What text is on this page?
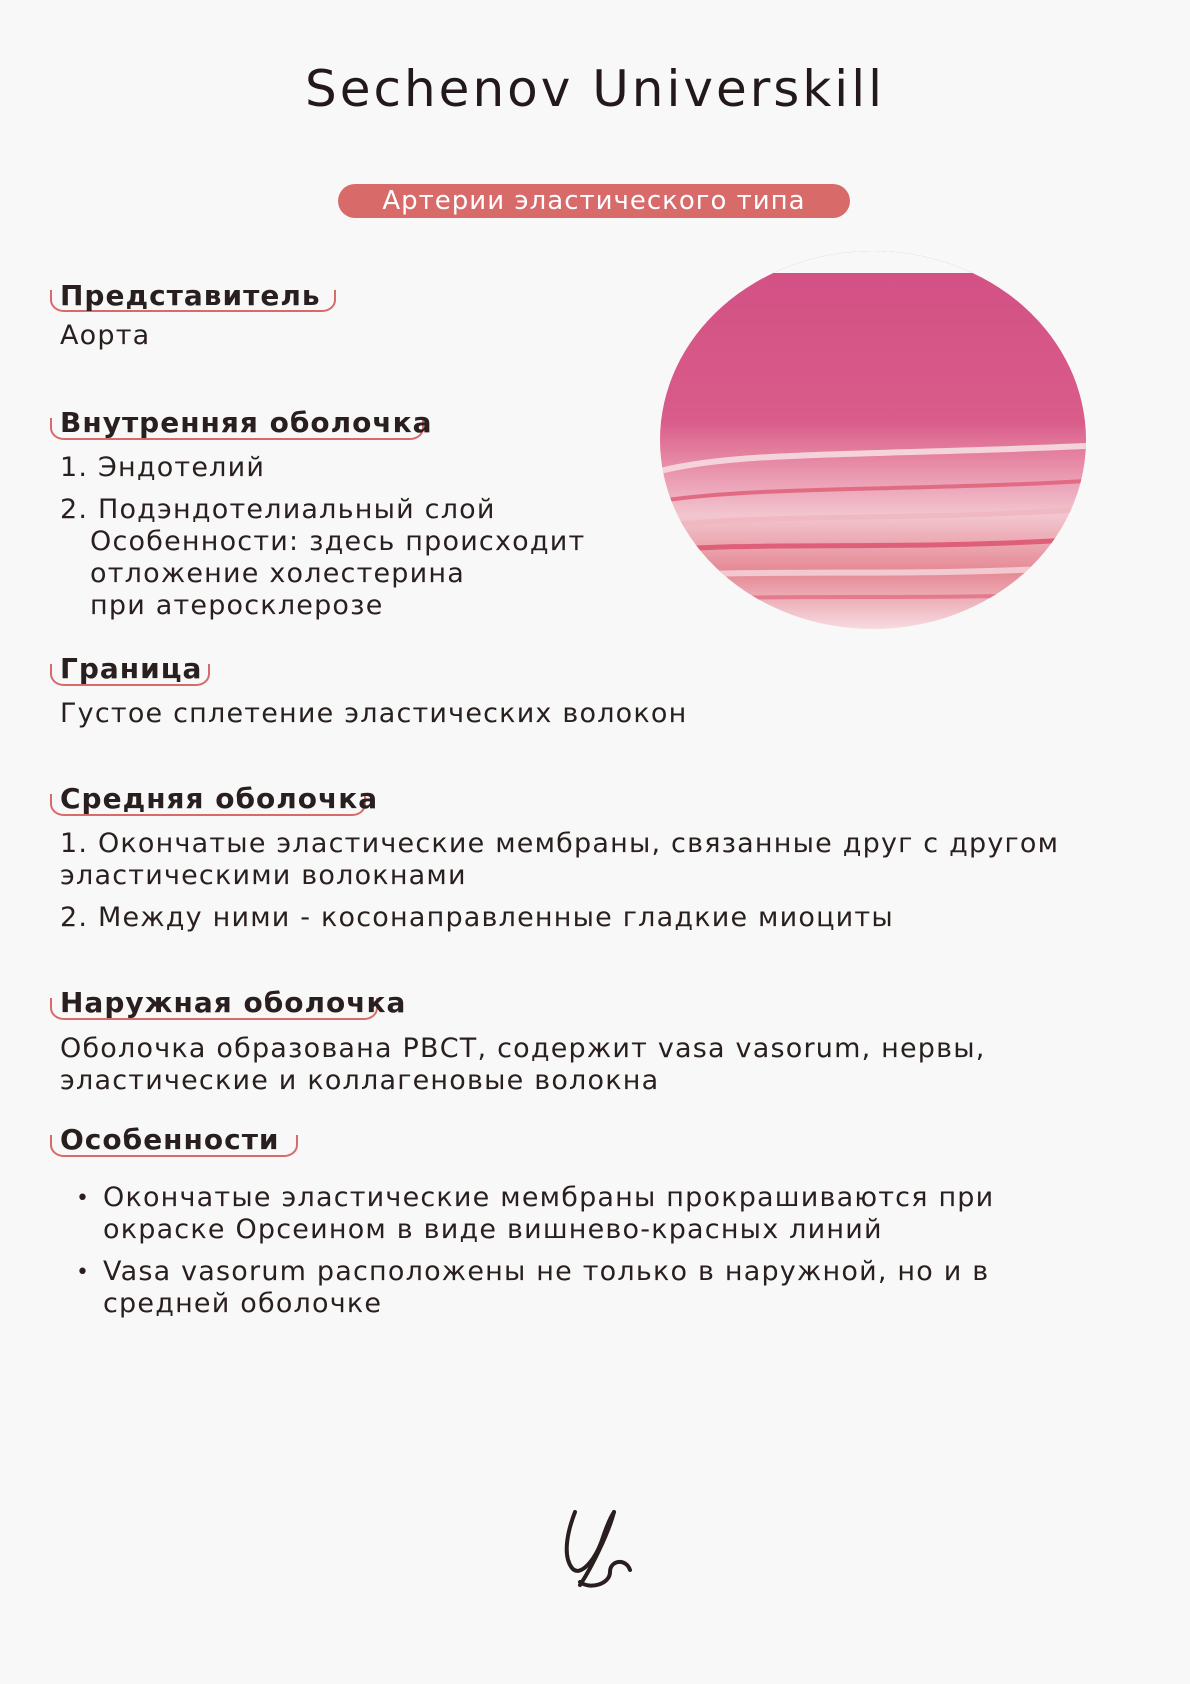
Sechenov Universkill
Артерии эластического типа
Представитель
Аорта
Внутренняя оболочка
1. Эндотелий
2. Подэндотелиальный слой
Особенности: здесь происходит
отложение холестерина
при атеросклерозе
Граница
Густое сплетение эластических волокон
Средняя оболочка
1. Окончатые эластические мембраны, связанные друг с другом
эластическими волокнами
2. Между ними - косонаправленные гладкие миоциты
Наружная оболочка
Оболочка образована РВСТ, содержит vasa vasorum, нервы,
эластические и коллагеновые волокна
Особенности
• Окончатые эластические мембраны прокрашиваются при
окраске Орсеином в виде вишнево-красных линий
• Vasa vasorum расположены не только в наружной, но и в
средней оболочке
